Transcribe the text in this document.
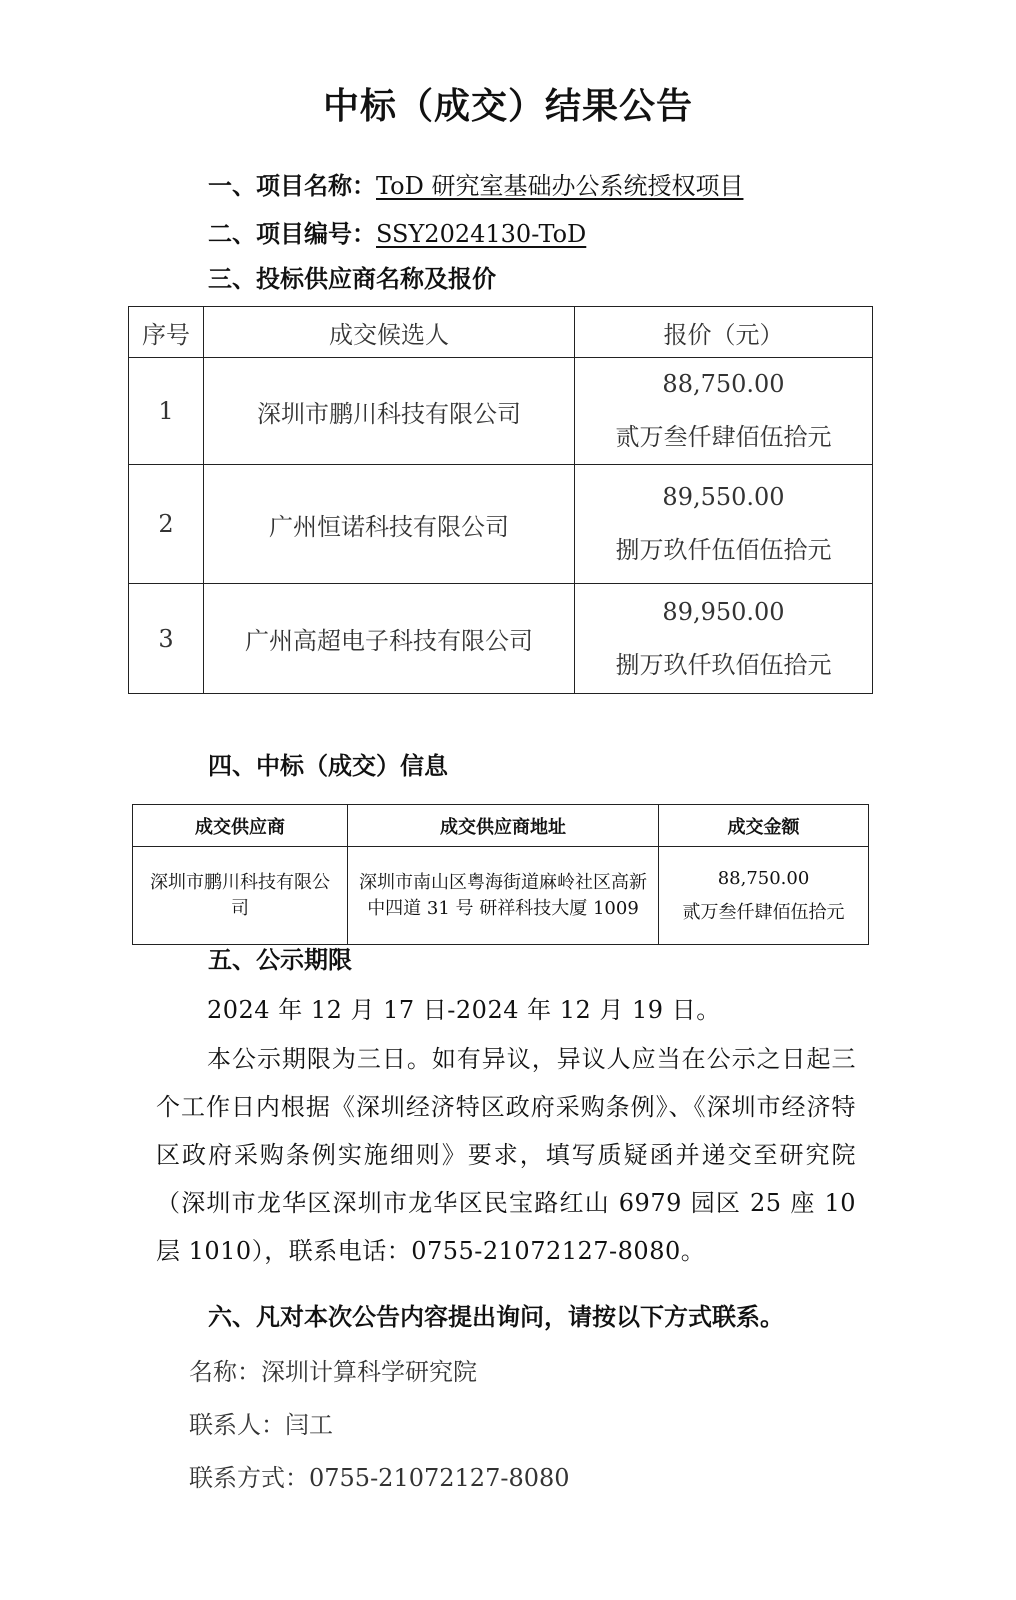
中标（成交）结果公告
一、项目名称：ToD 研究室基础办公系统授权项目
二、项目编号：SSY2024130-ToD
三、投标供应商名称及报价
序号	成交候选人	报价（元）
1	深圳市鹏川科技有限公司	88,750.00
贰万叁仟肆佰伍拾元

2	广州恒诺科技有限公司	89,550.00
捌万玖仟伍佰伍拾元

3	广州高超电子科技有限公司	89,950.00
捌万玖仟玖佰伍拾元
四、中标（成交）信息
成交供应商	成交供应商地址	成交金额
深圳市鹏川科技有限公司	深圳市南山区粤海街道麻岭社区高新中四道 31 号 研祥科技大厦 1009	88,750.00
贰万叁仟肆佰伍拾元
五、公示期限
2024 年 12 月 17 日-2024 年 12 月 19 日。
本公示期限为三日。如有异议，异议人应当在公示之日起三个工作日内根据《深圳经济特区政府采购条例》、《深圳市经济特区政府采购条例实施细则》要求，填写质疑函并递交至研究院（深圳市龙华区深圳市龙华区民宝路红山 6979 园区 25 座 10 层 1010），联系电话：0755-21072127-8080。
六、凡对本次公告内容提出询问，请按以下方式联系。
名称：深圳计算科学研究院
联系人：闫工
联系方式：0755-21072127-8080
